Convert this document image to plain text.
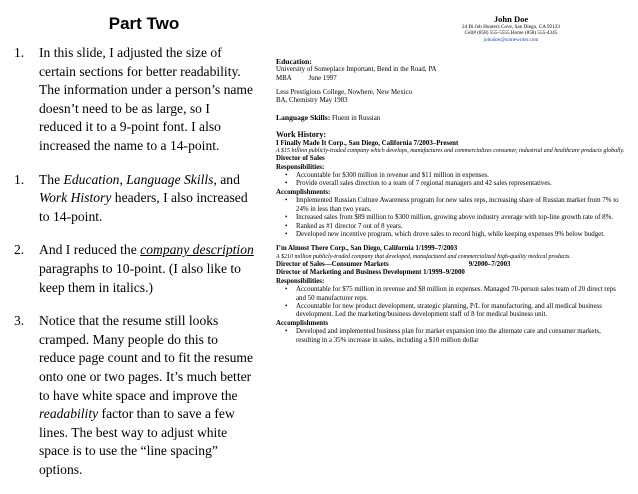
Part Two
1. In this slide, I adjusted the size of certain sections for better readability. The information under a person’s name doesn’t need to be as large, so I reduced it to a 9-point font. I also increased the name to a 14-point.
1. The Education, Language Skills, and Work History headers, I also increased to 14-point.
2. And I reduced the company description paragraphs to 10-point. (I also like to keep them in italics.)
3. Notice that the resume still looks cramped. Many people do this to reduce page count and to fit the resume onto one or two pages. It’s much better to have white space and improve the readability factor than to save a few lines. The best way to adjust white space is to use the “line spacing” options.
John Doe
24 Bi Job Hunters Cove, San Diego, CA 92123
Cell# (858) 555-5555 Home (858) 555-4345
johndoe@somewriter.com
Education:
University of Someplace Important, Bend in the Road, PA
MBA          June 1997
Less Prestigious College, Nowhere, New Mexico
BA, Chemistry May 1983
Language Skills: Fluent in Russian
Work History:
I Finally Made It Corp., San Diego, California 7/2003–Present
A $15 billion publicly-traded company which develops, manufactures and commercializes consumer, industrial and healthcare products globally.
Director of Sales
Responsibilities:
• Accountable for $300 million in revenue and $11 million in expenses.
• Provide overall sales direction to a team of 7 regional managers and 42 sales representatives.
Accomplishments:
• Implemented Russian Culture Awareness program for new sales reps, increasing share of Russian market from 7% to 24% in less than two years.
• Increased sales from $89 million to $300 million, growing above industry average with top-line growth rate of 8%.
• Ranked as #1 director 7 out of 8 years.
• Developed new incentive program, which drove sales to record high, while keeping expenses 9% below budget.
I’m Almost There Corp., San Diego, California 1/1999–7/2003
A $210 million publicly-traded company that developed, manufactured and commercialized high-quality medical products.
Director of Sales—Consumer Markets	9/2000–7/2003
Director of Marketing and Business Development 1/1999–9/2000
Responsibilities:
• Accountable for $75 million in revenue and $8 million in expenses. Managed 70-person sales team of 20 direct reps and 50 manufacturer reps.
• Accountable for new product development, strategic planning, P/L for manufacturing, and all medical business development. Led the marketing/business development staff of 8 for medical business unit.
Accomplishments
• Developed and implemented business plan for market expansion into the alternate care and consumer markets, resulting in a 35% increase in sales, including a $10 million dollar
